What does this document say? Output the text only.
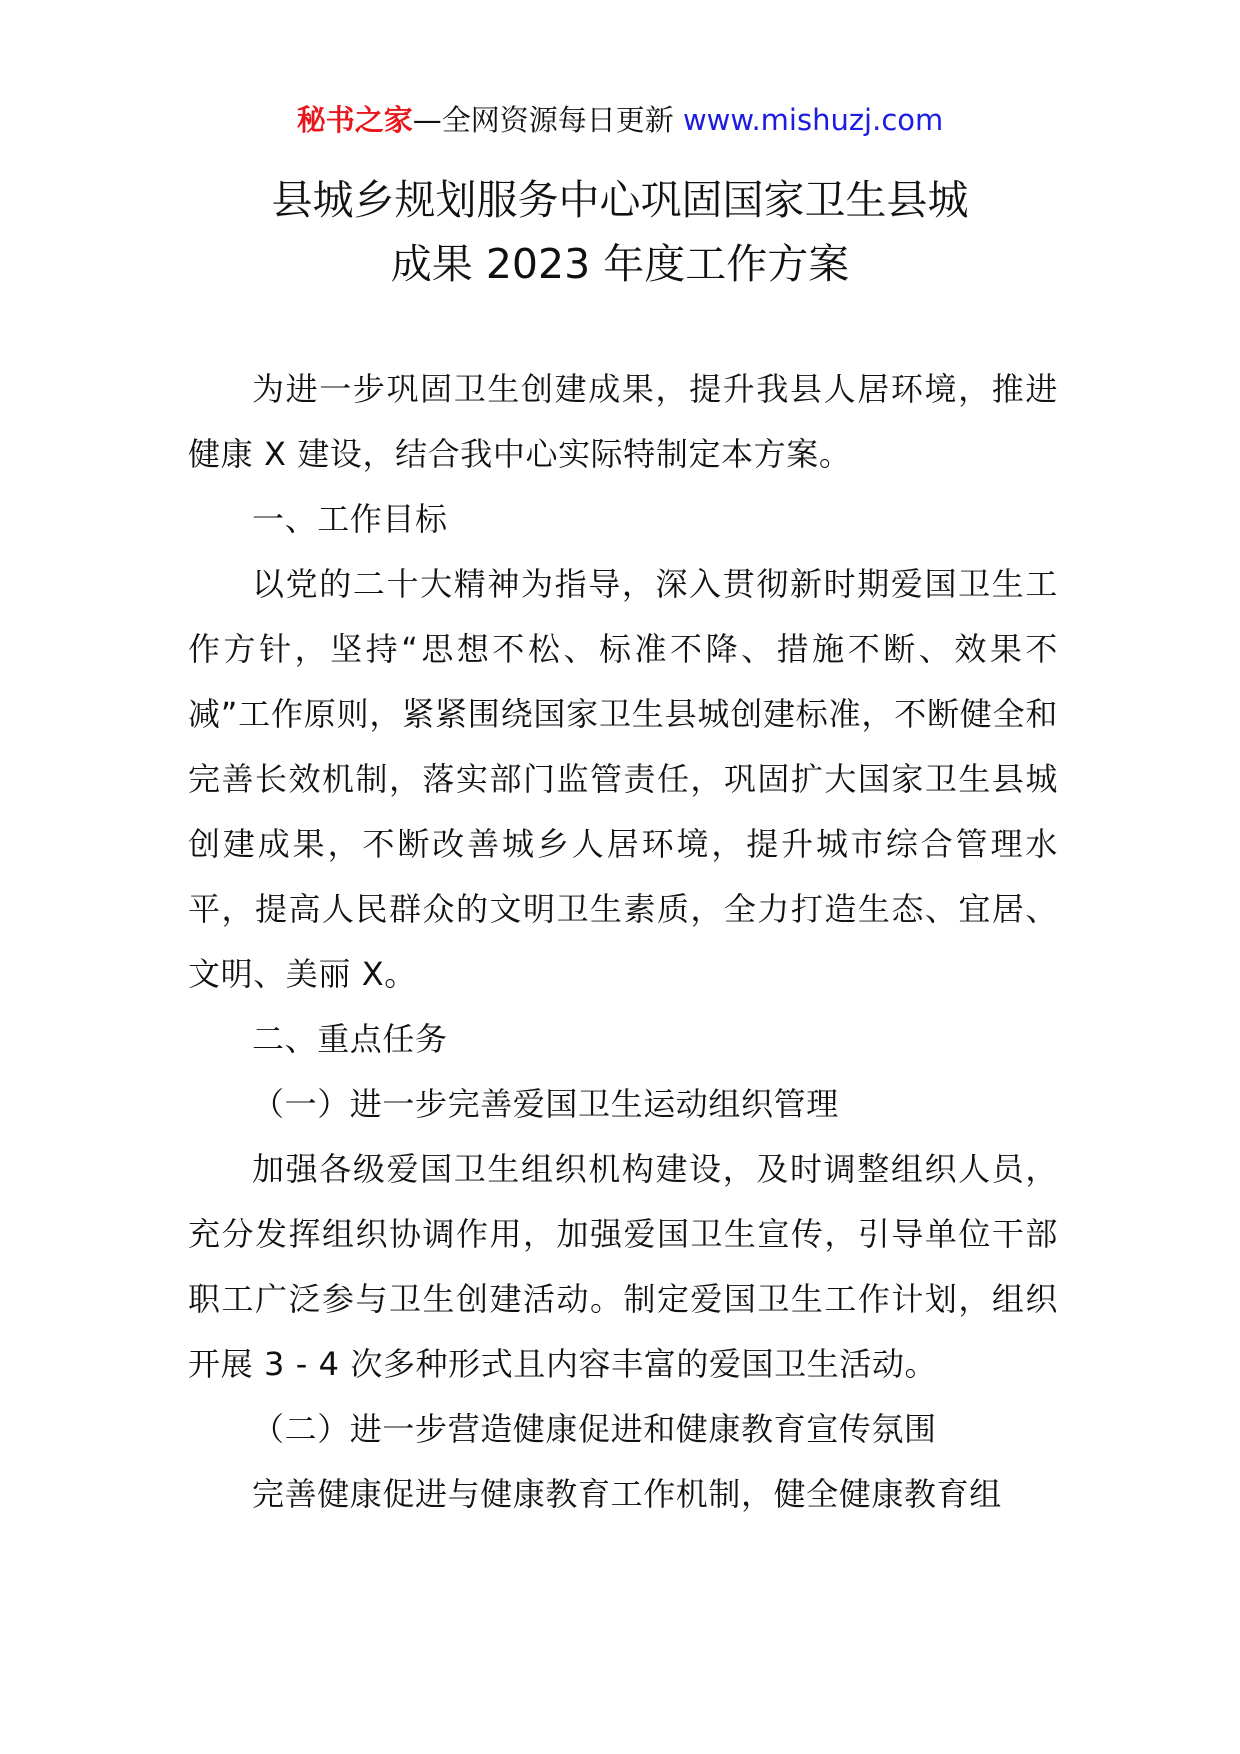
秘书之家—全网资源每日更新 www.mishuzj.com
县城乡规划服务中心巩固国家卫生县城
成果 2023 年度工作方案

为进一步巩固卫生创建成果，提升我县人居环境，推进健康 X 建设，结合我中心实际特制定本方案。

一、工作目标

以党的二十大精神为指导，深入贯彻新时期爱国卫生工作方针，坚持“思想不松、标准不降、措施不断、效果不减”工作原则，紧紧围绕国家卫生县城创建标准，不断健全和完善长效机制，落实部门监管责任，巩固扩大国家卫生县城创建成果，不断改善城乡人居环境，提升城市综合管理水平，提高人民群众的文明卫生素质，全力打造生态、宜居、文明、美丽 X。

二、重点任务

（一）进一步完善爱国卫生运动组织管理

加强各级爱国卫生组织机构建设，及时调整组织人员，充分发挥组织协调作用，加强爱国卫生宣传，引导单位干部职工广泛参与卫生创建活动。制定爱国卫生工作计划，组织开展 3 - 4 次多种形式且内容丰富的爱国卫生活动。

（二）进一步营造健康促进和健康教育宣传氛围

完善健康促进与健康教育工作机制，健全健康教育组
